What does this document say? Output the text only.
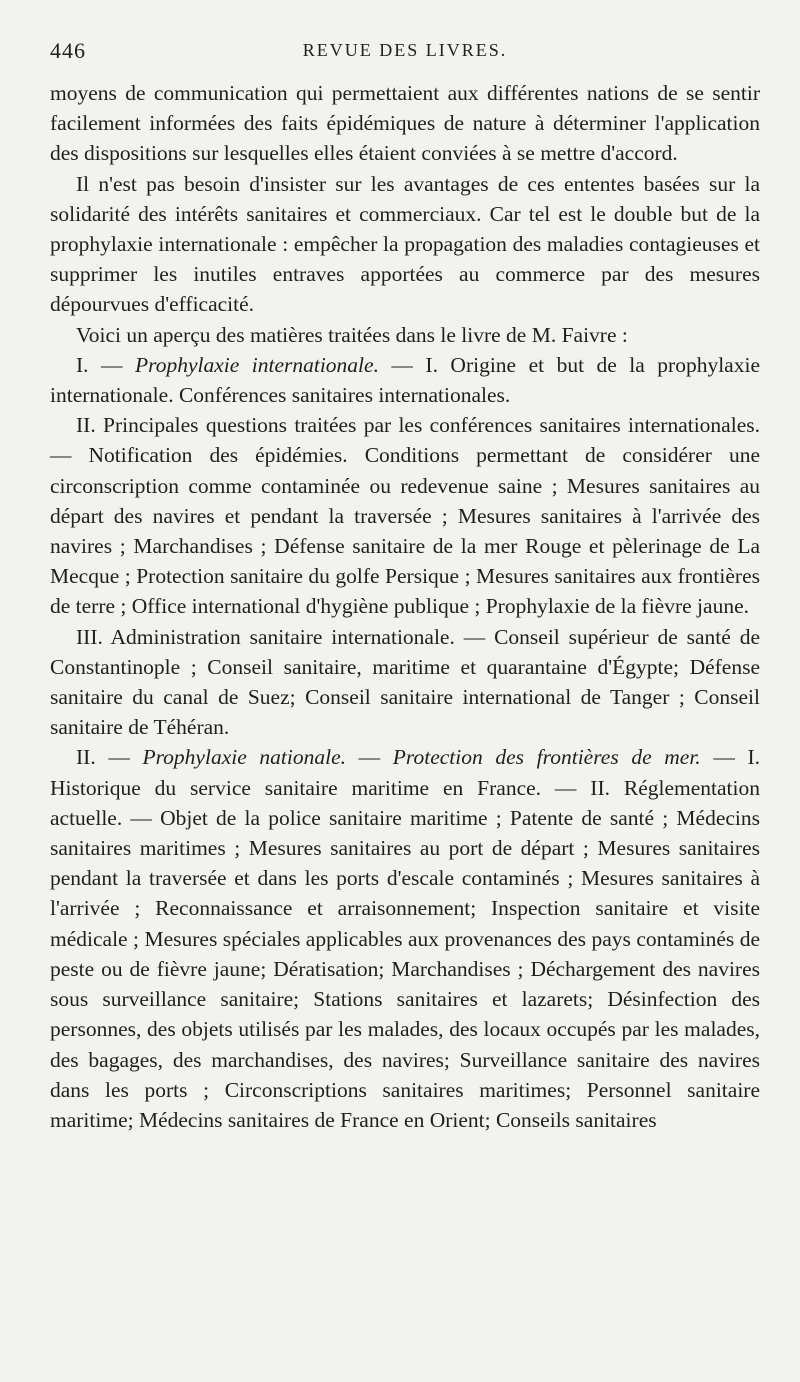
446	REVUE DES LIVRES.

moyens de communication qui permettaient aux différentes nations de se sentir facilement informées des faits épidémiques de nature à déterminer l'application des dispositions sur lesquelles elles étaient conviées à se mettre d'accord.

Il n'est pas besoin d'insister sur les avantages de ces ententes basées sur la solidarité des intérêts sanitaires et commerciaux. Car tel est le double but de la prophylaxie internationale : empêcher la propagation des maladies contagieuses et supprimer les inutiles entraves apportées au commerce par des mesures dépourvues d'efficacité.

Voici un aperçu des matières traitées dans le livre de M. Faivre :

I. — Prophylaxie internationale. — I. Origine et but de la prophylaxie internationale. Conférences sanitaires internationales.

II. Principales questions traitées par les conférences sanitaires internationales. — Notification des épidémies. Conditions permettant de considérer une circonscription comme contaminée ou redevenue saine ; Mesures sanitaires au départ des navires et pendant la traversée ; Mesures sanitaires à l'arrivée des navires ; Marchandises ; Défense sanitaire de la mer Rouge et pèlerinage de La Mecque ; Protection sanitaire du golfe Persique ; Mesures sanitaires aux frontières de terre ; Office international d'hygiène publique ; Prophylaxie de la fièvre jaune.

III. Administration sanitaire internationale. — Conseil supérieur de santé de Constantinople ; Conseil sanitaire, maritime et quarantaine d'Égypte; Défense sanitaire du canal de Suez; Conseil sanitaire international de Tanger ; Conseil sanitaire de Téhéran.

II. — Prophylaxie nationale. — Protection des frontières de mer. — I. Historique du service sanitaire maritime en France. — II. Réglementation actuelle. — Objet de la police sanitaire maritime ; Patente de santé ; Médecins sanitaires maritimes ; Mesures sanitaires au port de départ ; Mesures sanitaires pendant la traversée et dans les ports d'escale contaminés ; Mesures sanitaires à l'arrivée ; Reconnaissance et arraisonnement; Inspection sanitaire et visite médicale ; Mesures spéciales applicables aux provenances des pays contaminés de peste ou de fièvre jaune; Dératisation; Marchandises ; Déchargement des navires sous surveillance sanitaire; Stations sanitaires et lazarets; Désinfection des personnes, des objets utilisés par les malades, des locaux occupés par les malades, des bagages, des marchandises, des navires; Surveillance sanitaire des navires dans les ports ; Circonscriptions sanitaires maritimes; Personnel sanitaire maritime; Médecins sanitaires de France en Orient; Conseils sanitaires
